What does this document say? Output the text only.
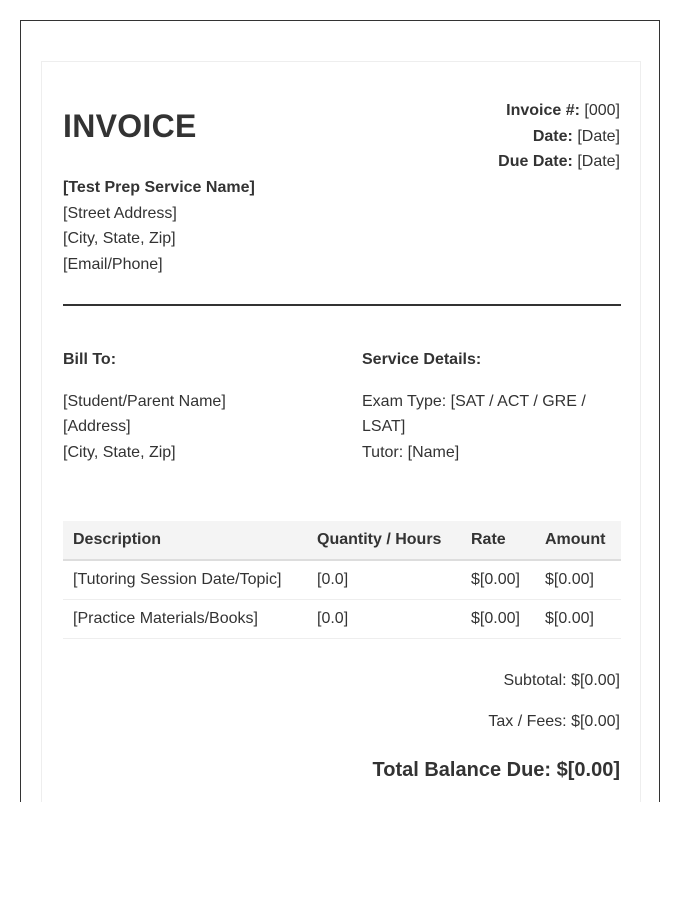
INVOICE	Invoice #: [000]
Date: [Date]
Due Date: [Date]
[Test Prep Service Name]
[Street Address]
[City, State, Zip]
[Email/Phone]
Bill To:
[Student/Parent Name]
[Address]
[City, State, Zip]
Service Details:
Exam Type: [SAT / ACT / GRE / LSAT]
Tutor: [Name]
Description	Quantity / Hours	Rate	Amount
[Tutoring Session Date/Topic]	[0.0]	$[0.00]	$[0.00]
[Practice Materials/Books]	[0.0]	$[0.00]	$[0.00]
Subtotal: $[0.00]
Tax / Fees: $[0.00]
Total Balance Due: $[0.00]
